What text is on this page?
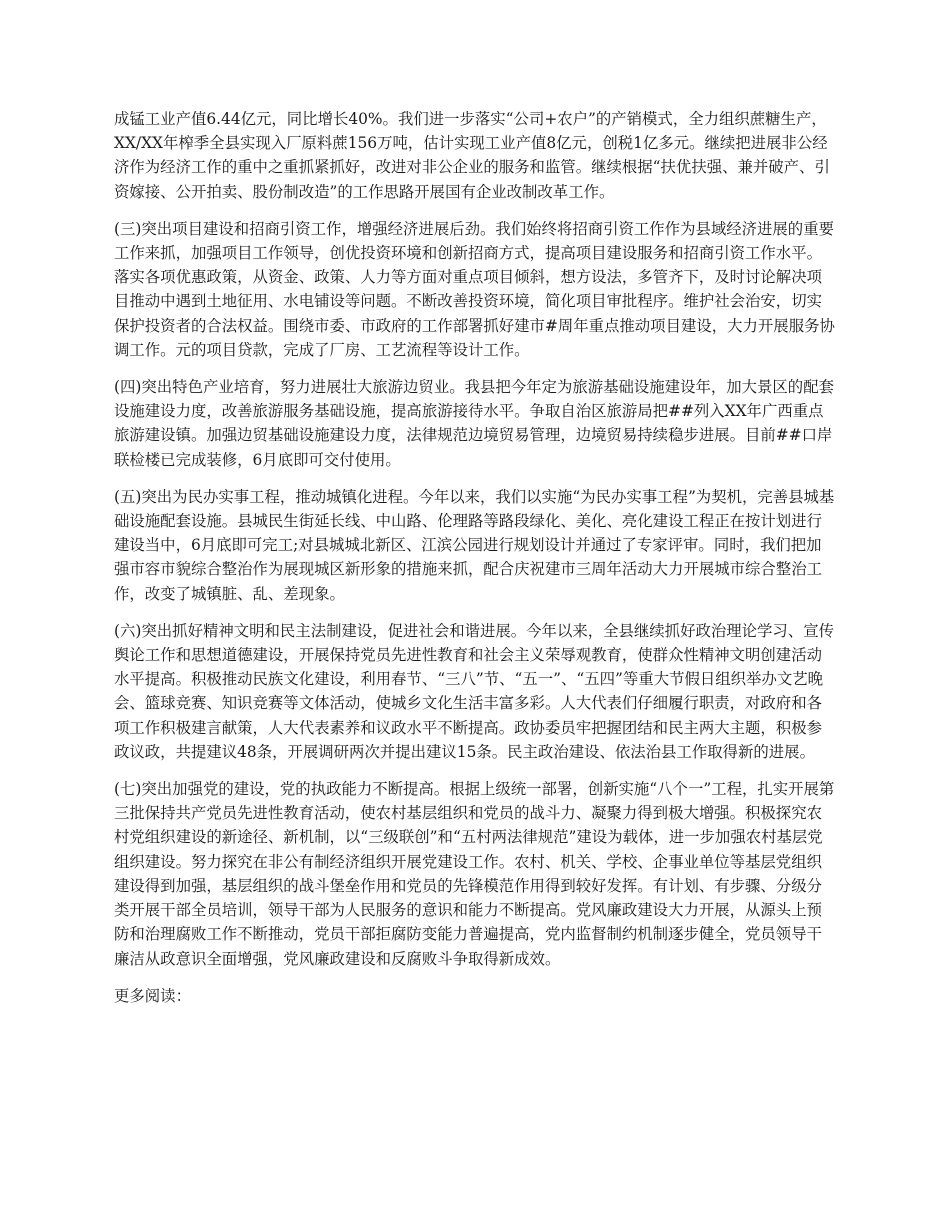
成锰工业产值6.44亿元，同比增长40%。我们进一步落实“公司+农户”的产销模式，全力组织蔗糖生产，XX/XX年榨季全县实现入厂原料蔗156万吨，估计实现工业产值8亿元，创税1亿多元。继续把进展非公经济作为经济工作的重中之重抓紧抓好，改进对非公企业的服务和监管。继续根据“扶优扶强、兼并破产、引资嫁接、公开拍卖、股份制改造”的工作思路开展国有企业改制改革工作。

(三)突出项目建设和招商引资工作，增强经济进展后劲。我们始终将招商引资工作作为县域经济进展的重要工作来抓，加强项目工作领导，创优投资环境和创新招商方式，提高项目建设服务和招商引资工作水平。落实各项优惠政策，从资金、政策、人力等方面对重点项目倾斜，想方设法，多管齐下，及时讨论解决项目推动中遇到土地征用、水电铺设等问题。不断改善投资环境，简化项目审批程序。维护社会治安，切实保护投资者的合法权益。围绕市委、市政府的工作部署抓好建市#周年重点推动项目建设，大力开展服务协调工作。元的项目贷款，完成了厂房、工艺流程等设计工作。

(四)突出特色产业培育，努力进展壮大旅游边贸业。我县把今年定为旅游基础设施建设年，加大景区的配套设施建设力度，改善旅游服务基础设施，提高旅游接待水平。争取自治区旅游局把##列入XX年广西重点旅游建设镇。加强边贸基础设施建设力度，法律规范边境贸易管理，边境贸易持续稳步进展。目前##口岸联检楼已完成装修，6月底即可交付使用。

(五)突出为民办实事工程，推动城镇化进程。今年以来，我们以实施“为民办实事工程”为契机，完善县城基础设施配套设施。县城民生街延长线、中山路、伦理路等路段绿化、美化、亮化建设工程正在按计划进行建设当中，6月底即可完工;对县城城北新区、江滨公园进行规划设计并通过了专家评审。同时，我们把加强市容市貌综合整治作为展现城区新形象的措施来抓，配合庆祝建市三周年活动大力开展城市综合整治工作，改变了城镇脏、乱、差现象。

(六)突出抓好精神文明和民主法制建设，促进社会和谐进展。今年以来，全县继续抓好政治理论学习、宣传舆论工作和思想道德建设，开展保持党员先进性教育和社会主义荣辱观教育，使群众性精神文明创建活动水平提高。积极推动民族文化建设，利用春节、“三八”节、“五一”、“五四”等重大节假日组织举办文艺晚会、篮球竞赛、知识竞赛等文体活动，使城乡文化生活丰富多彩。人大代表们仔细履行职责，对政府和各项工作积极建言献策，人大代表素养和议政水平不断提高。政协委员牢把握团结和民主两大主题，积极参政议政，共提建议48条，开展调研两次并提出建议15条。民主政治建设、依法治县工作取得新的进展。

(七)突出加强党的建设，党的执政能力不断提高。根据上级统一部署，创新实施“八个一”工程，扎实开展第三批保持共产党员先进性教育活动，使农村基层组织和党员的战斗力、凝聚力得到极大增强。积极探究农村党组织建设的新途径、新机制，以“三级联创”和“五村两法律规范”建设为载体，进一步加强农村基层党组织建设。努力探究在非公有制经济组织开展党建设工作。农村、机关、学校、企事业单位等基层党组织建设得到加强，基层组织的战斗堡垒作用和党员的先锋模范作用得到较好发挥。有计划、有步骤、分级分类开展干部全员培训，领导干部为人民服务的意识和能力不断提高。党风廉政建设大力开展，从源头上预防和治理腐败工作不断推动，党员干部拒腐防变能力普遍提高，党内监督制约机制逐步健全，党员领导干廉洁从政意识全面增强，党风廉政建设和反腐败斗争取得新成效。

更多阅读：
